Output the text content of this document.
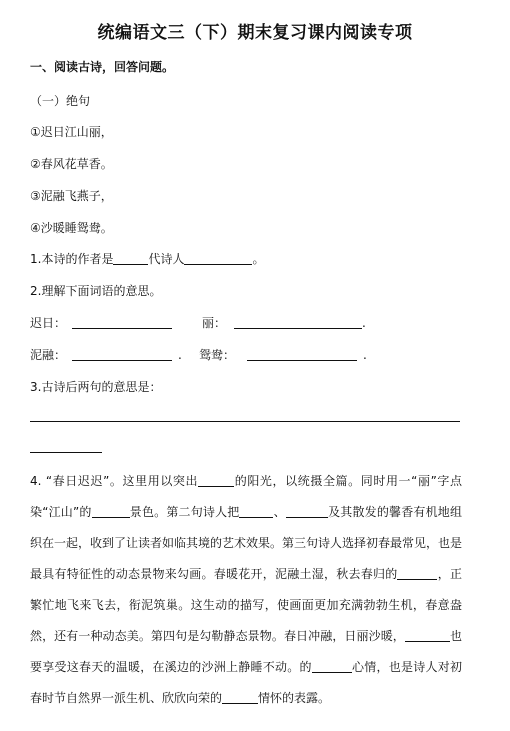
统编语文三（下）期末复习课内阅读专项
一、阅读古诗，回答问题。
（一）绝句
①迟日江山丽，
②春风花草香。
③泥融飞燕子，
④沙暖睡鸳鸯。
1.本诗的作者是	代诗人	。
2.理解下面词语的意思。
迟日：	丽：	.
泥融：	. 鸳鸯：	.
3.古诗后两句的意思是：
4. “春日迟迟”。这里用以突出	的阳光，以统摄全篇。同时用一“丽”字点染“江山”的	景色。第二句诗人把	、	及其散发的馨香有机地组织在一起，收到了让读者如临其境的艺术效果。第三句诗人选择初春最常见，也是最具有特征性的动态景物来勾画。春暖花开，泥融土湿，秋去春归的	，正繁忙地飞来飞去，衔泥筑巢。这生动的描写，使画面更加充满勃勃生机，春意盎然，还有一种动态美。第四句是勾勒静态景物。春日冲融，日丽沙暖，	也要享受这春天的温暖，在溪边的沙洲上静睡不动。的	心情，也是诗人对初春时节自然界一派生机、欣欣向荣的	情怀的表露。
